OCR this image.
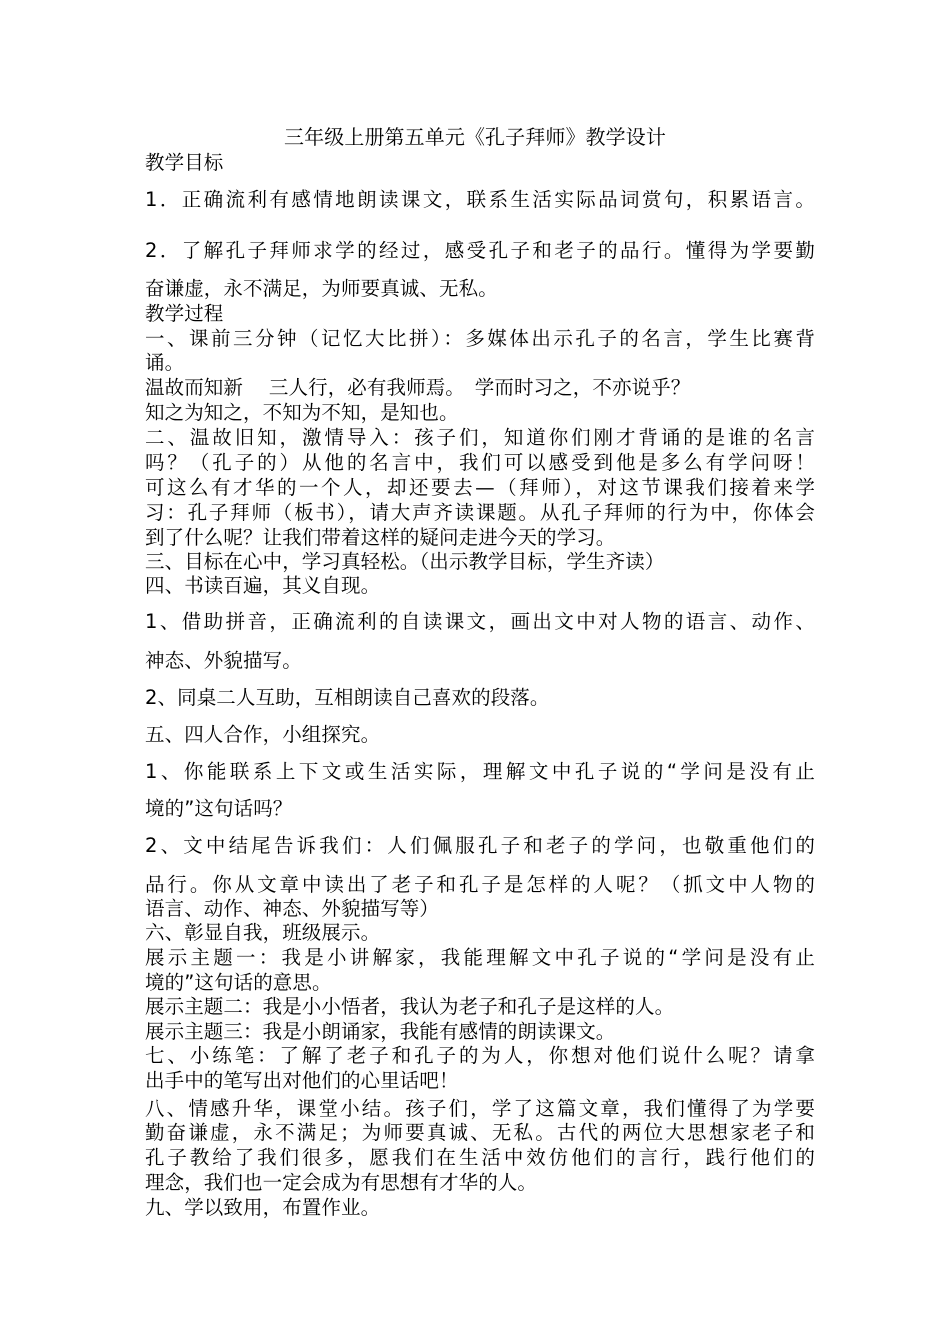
三年级上册第五单元《孔子拜师》教学设计
教学目标
1．正确流利有感情地朗读课文，联系生活实际品词赏句，积累语言。
2．了解孔子拜师求学的经过，感受孔子和老子的品行。懂得为学要勤
奋谦虚，永不满足，为师要真诚、无私。
教学过程
一、课前三分钟（记忆大比拼）：多媒体出示孔子的名言，学生比赛背
诵。
温故而知新　 三人行，必有我师焉。　学而时习之，不亦说乎？
知之为知之，不知为不知，是知也。
二、温故旧知，激情导入：孩子们，知道你们刚才背诵的是谁的名言
吗？（孔子的）从他的名言中，我们可以感受到他是多么有学问呀！
可这么有才华的一个人，却还要去—（拜师），对这节课我们接着来学
习：孔子拜师（板书），请大声齐读课题。从孔子拜师的行为中，你体会
到了什么呢？让我们带着这样的疑问走进今天的学习。
三、目标在心中，学习真轻松。（出示教学目标，学生齐读）
四、书读百遍，其义自现。
1、借助拼音，正确流利的自读课文，画出文中对人物的语言、动作、
神态、外貌描写。
2、同桌二人互助，互相朗读自己喜欢的段落。
五、四人合作，小组探究。
1、你能联系上下文或生活实际，理解文中孔子说的“学问是没有止
境的”这句话吗？
2、文中结尾告诉我们：人们佩服孔子和老子的学问，也敬重他们的
品行。你从文章中读出了老子和孔子是怎样的人呢？（抓文中人物的
语言、动作、神态、外貌描写等）
六、彰显自我，班级展示。
展示主题一：我是小讲解家，我能理解文中孔子说的“学问是没有止
境的”这句话的意思。
展示主题二：我是小小悟者，我认为老子和孔子是这样的人。
展示主题三：我是小朗诵家，我能有感情的朗读课文。
七、小练笔：了解了老子和孔子的为人，你想对他们说什么呢？请拿
出手中的笔写出对他们的心里话吧！
八、情感升华，课堂小结。孩子们，学了这篇文章，我们懂得了为学要
勤奋谦虚，永不满足；为师要真诚、无私。古代的两位大思想家老子和
孔子教给了我们很多，愿我们在生活中效仿他们的言行，践行他们的
理念，我们也一定会成为有思想有才华的人。
九、学以致用，布置作业。
